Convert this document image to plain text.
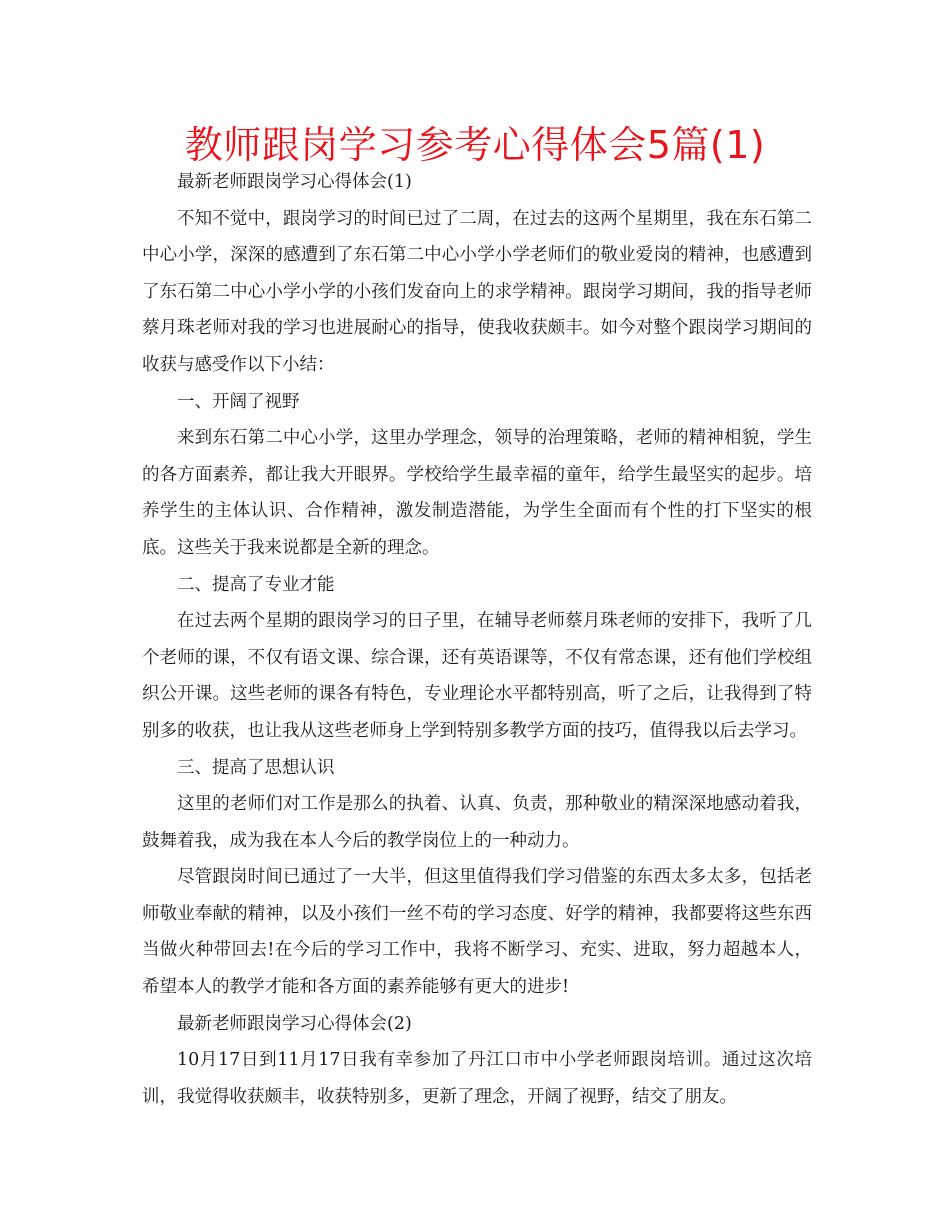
教师跟岗学习参考心得体会5篇(1)

最新老师跟岗学习心得体会(1)

不知不觉中，跟岗学习的时间已过了二周，在过去的这两个星期里，我在东石第二中心小学，深深的感遭到了东石第二中心小学小学老师们的敬业爱岗的精神，也感遭到了东石第二中心小学小学的小孩们发奋向上的求学精神。跟岗学习期间，我的指导老师蔡月珠老师对我的学习也进展耐心的指导，使我收获颇丰。如今对整个跟岗学习期间的收获与感受作以下小结：

一、开阔了视野

来到东石第二中心小学，这里办学理念，领导的治理策略，老师的精神相貌，学生的各方面素养，都让我大开眼界。学校给学生最幸福的童年，给学生最坚实的起步。培养学生的主体认识、合作精神，激发制造潜能，为学生全面而有个性的打下坚实的根底。这些关于我来说都是全新的理念。

二、提高了专业才能

在过去两个星期的跟岗学习的日子里，在辅导老师蔡月珠老师的安排下，我听了几个老师的课，不仅有语文课、综合课，还有英语课等，不仅有常态课，还有他们学校组织公开课。这些老师的课各有特色，专业理论水平都特别高，听了之后，让我得到了特别多的收获，也让我从这些老师身上学到特别多教学方面的技巧，值得我以后去学习。

三、提高了思想认识

这里的老师们对工作是那么的执着、认真、负责，那种敬业的精深深地感动着我，鼓舞着我，成为我在本人今后的教学岗位上的一种动力。

尽管跟岗时间已通过了一大半，但这里值得我们学习借鉴的东西太多太多，包括老师敬业奉献的精神，以及小孩们一丝不苟的学习态度、好学的精神，我都要将这些东西当做火种带回去!在今后的学习工作中，我将不断学习、充实、进取，努力超越本人，希望本人的教学才能和各方面的素养能够有更大的进步!

最新老师跟岗学习心得体会(2)

10月17日到11月17日我有幸参加了丹江口市中小学老师跟岗培训。通过这次培训，我觉得收获颇丰，收获特别多，更新了理念，开阔了视野，结交了朋友。
